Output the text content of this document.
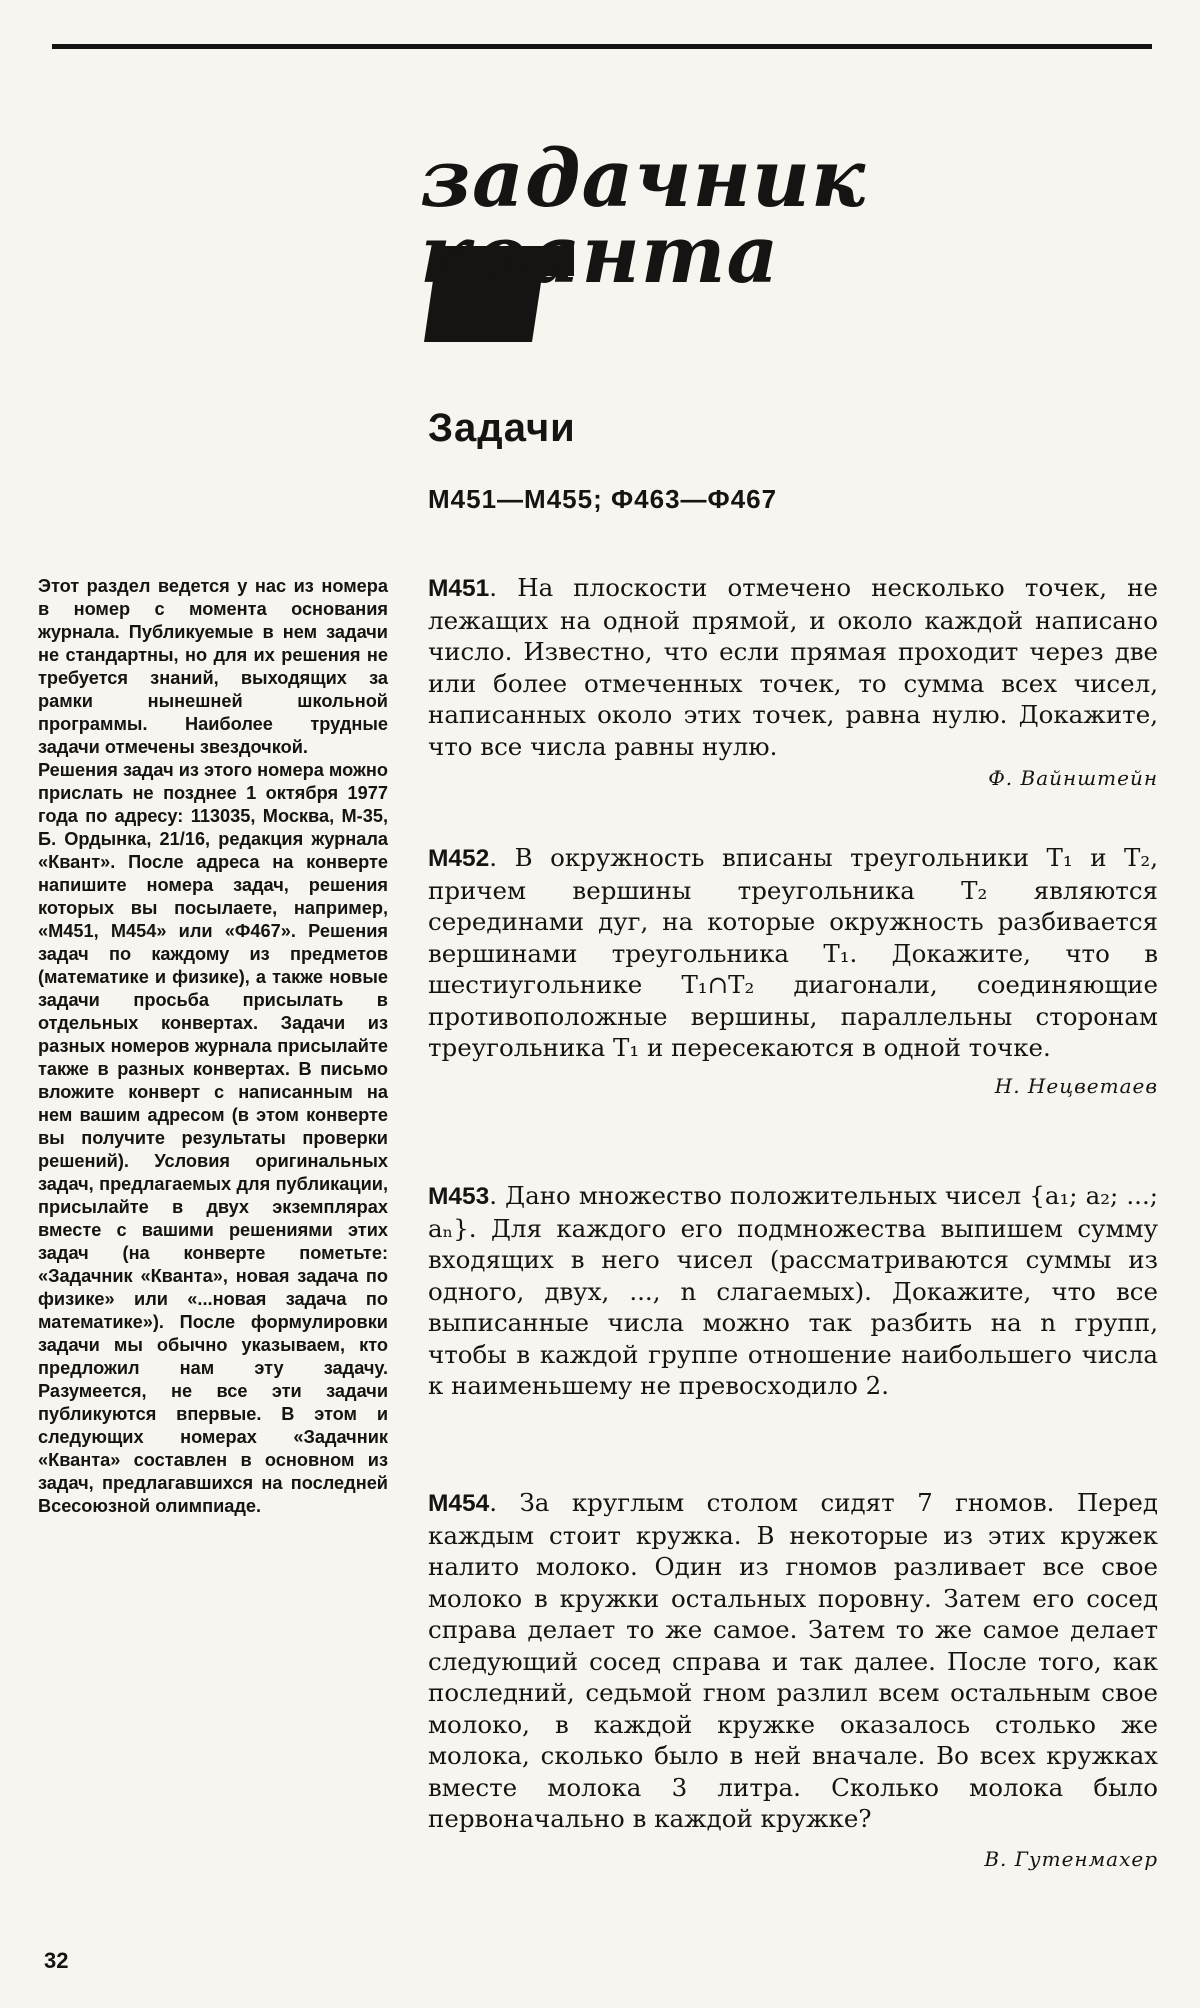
задачник
кванта
Задачи
М451—М455; Ф463—Ф467

Этот раздел ведется у нас из номера в номер с момента основания журнала. Публикуемые в нем задачи не стандартны, но для их решения не требуется знаний, выходящих за рамки нынешней школьной программы. Наиболее трудные задачи отмечены звездочкой.

Решения задач из этого номера можно прислать не позднее 1 октября 1977 года по адресу: 113035, Москва, М-35, Б. Ордынка, 21/16, редакция журнала «Квант». После адреса на конверте напишите номера задач, решения которых вы посылаете, например, «М451, М454» или «Ф467». Решения задач по каждому из предметов (математике и физике), а также новые задачи просьба присылать в отдельных конвертах. Задачи из разных номеров журнала присылайте также в разных конвертах. В письмо вложите конверт с написанным на нем вашим адресом (в этом конверте вы получите результаты проверки решений). Условия оригинальных задач, предлагаемых для публикации, присылайте в двух экземплярах вместе с вашими решениями этих задач (на конверте пометьте: «Задачник «Кванта», новая задача по физике» или «...новая задача по математике»). После формулировки задачи мы обычно указываем, кто предложил нам эту задачу. Разумеется, не все эти задачи публикуются впервые. В этом и следующих номерах «Задачник «Кванта» составлен в основном из задач, предлагавшихся на последней Всесоюзной олимпиаде.

М451. На плоскости отмечено несколько точек, не лежащих на одной прямой, и около каждой написано число. Известно, что если прямая проходит через две или более отмеченных точек, то сумма всех чисел, написанных около этих точек, равна нулю. Докажите, что все числа равны нулю.

Ф. Вайнштейн

М452. В окружность вписаны треугольники T₁ и T₂, причем вершины треугольника T₂ являются серединами дуг, на которые окружность разбивается вершинами треугольника T₁. Докажите, что в шестиугольнике T₁∩T₂ диагонали, соединяющие противоположные вершины, параллельны сторонам треугольника T₁ и пересекаются в одной точке.

Н. Нецветаев

М453. Дано множество положительных чисел {a₁; a₂; ...; aₙ}. Для каждого его подмножества выпишем сумму входящих в него чисел (рассматриваются суммы из одного, двух, ..., n слагаемых). Докажите, что все выписанные числа можно так разбить на n групп, чтобы в каждой группе отношение наибольшего числа к наименьшему не превосходило 2.

М454. За круглым столом сидят 7 гномов. Перед каждым стоит кружка. В некоторые из этих кружек налито молоко. Один из гномов разливает все свое молоко в кружки остальных поровну. Затем его сосед справа делает то же самое. Затем то же самое делает следующий сосед справа и так далее. После того, как последний, седьмой гном разлил всем остальным свое молоко, в каждой кружке оказалось столько же молока, сколько было в ней вначале. Во всех кружках вместе молока 3 литра. Сколько молока было первоначально в каждой кружке?

В. Гутенмахер
32
